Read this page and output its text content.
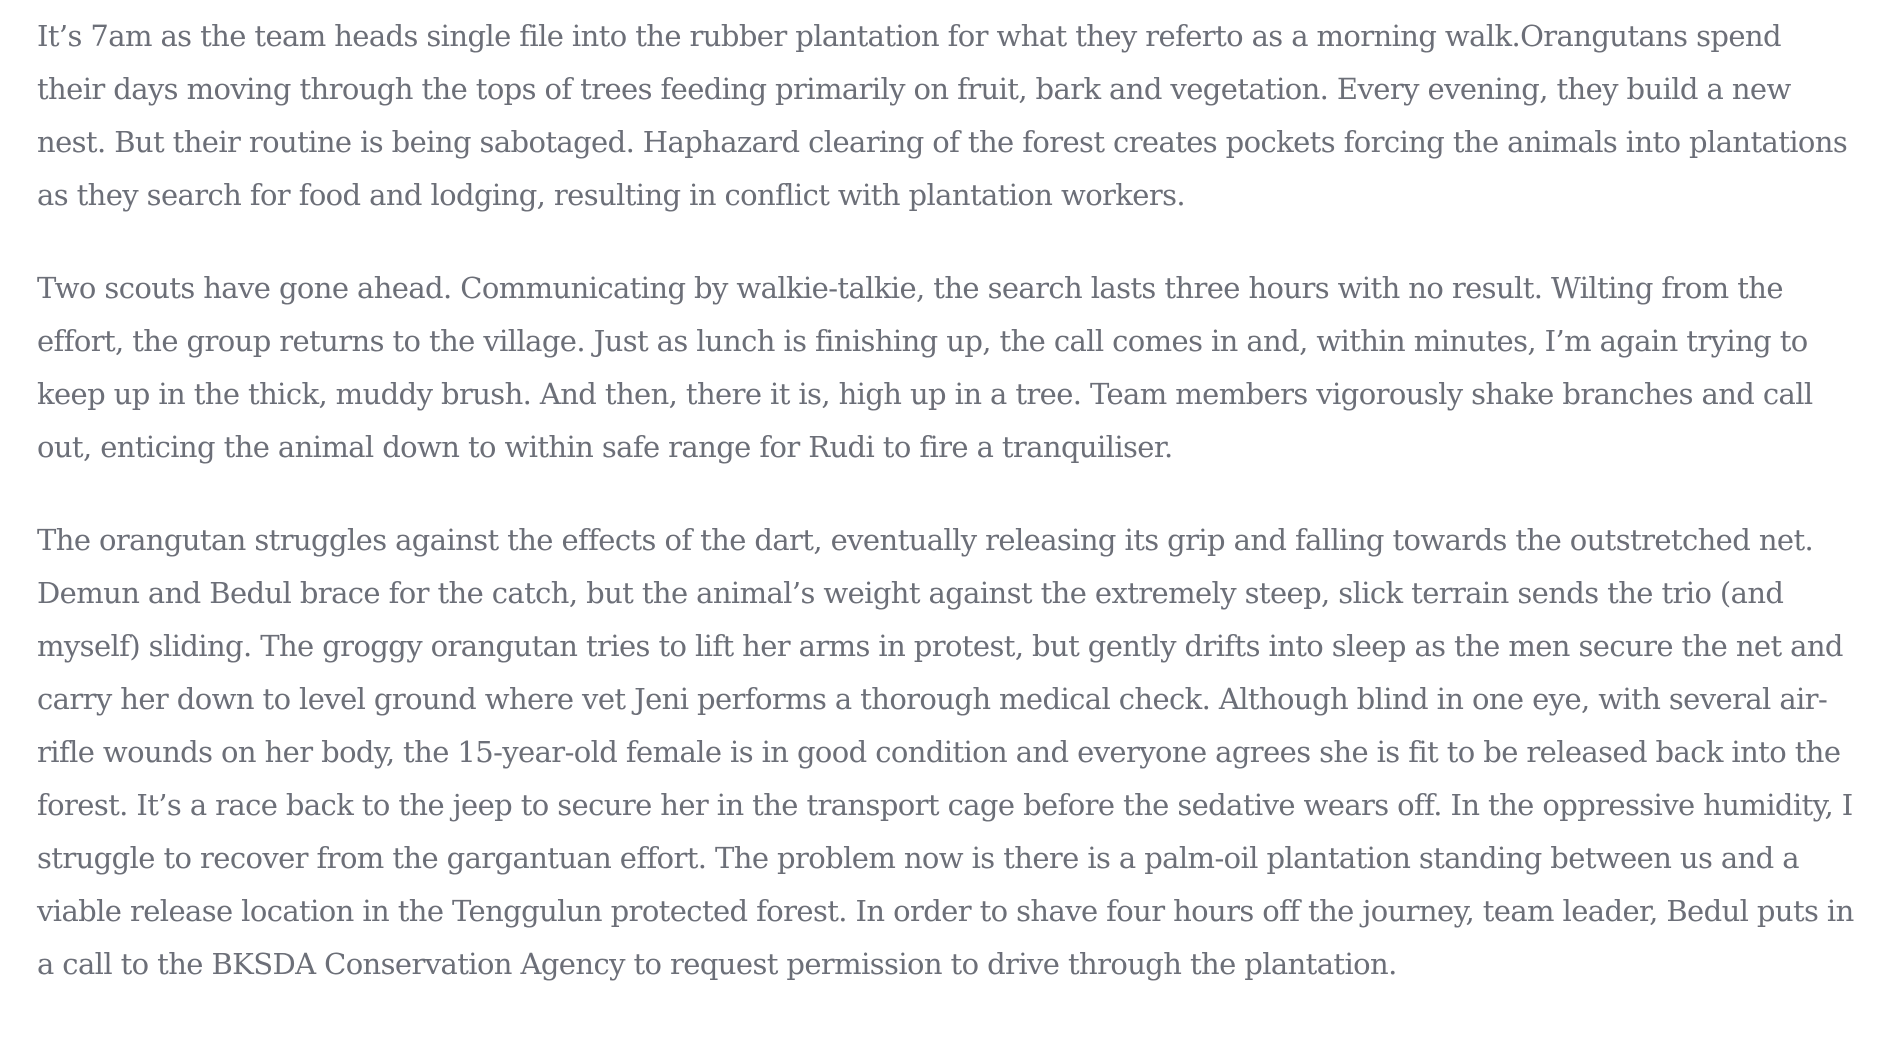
It’s 7am as the team heads single file into the rubber plantation for what they referto as a morning walk.Orangutans spend their days moving through the tops of trees feeding primarily on fruit, bark and vegetation. Every evening, they build a new nest. But their routine is being sabotaged. Haphazard clearing of the forest creates pockets forcing the animals into plantations as they search for food and lodging, resulting in conflict with plantation workers.

Two scouts have gone ahead. Communicating by walkie-talkie, the search lasts three hours with no result. Wilting from the effort, the group returns to the village. Just as lunch is finishing up, the call comes in and, within minutes, I’m again trying to keep up in the thick, muddy brush. And then, there it is, high up in a tree. Team members vigorously shake branches and call out, enticing the animal down to within safe range for Rudi to fire a tranquiliser.

The orangutan struggles against the effects of the dart, eventually releasing its grip and falling towards the outstretched net. Demun and Bedul brace for the catch, but the animal’s weight against the extremely steep, slick terrain sends the trio (and myself) sliding. The groggy orangutan tries to lift her arms in protest, but gently drifts into sleep as the men secure the net and carry her down to level ground where vet Jeni performs a thorough medical check. Although blind in one eye, with several air-rifle wounds on her body, the 15-year-old female is in good condition and everyone agrees she is fit to be released back into the forest. It’s a race back to the jeep to secure her in the transport cage before the sedative wears off. In the oppressive humidity, I struggle to recover from the gargantuan effort. The problem now is there is a palm-oil plantation standing between us and a viable release location in the Tenggulun protected forest. In order to shave four hours off the journey, team leader, Bedul puts in a call to the BKSDA Conservation Agency to request permission to drive through the plantation.
